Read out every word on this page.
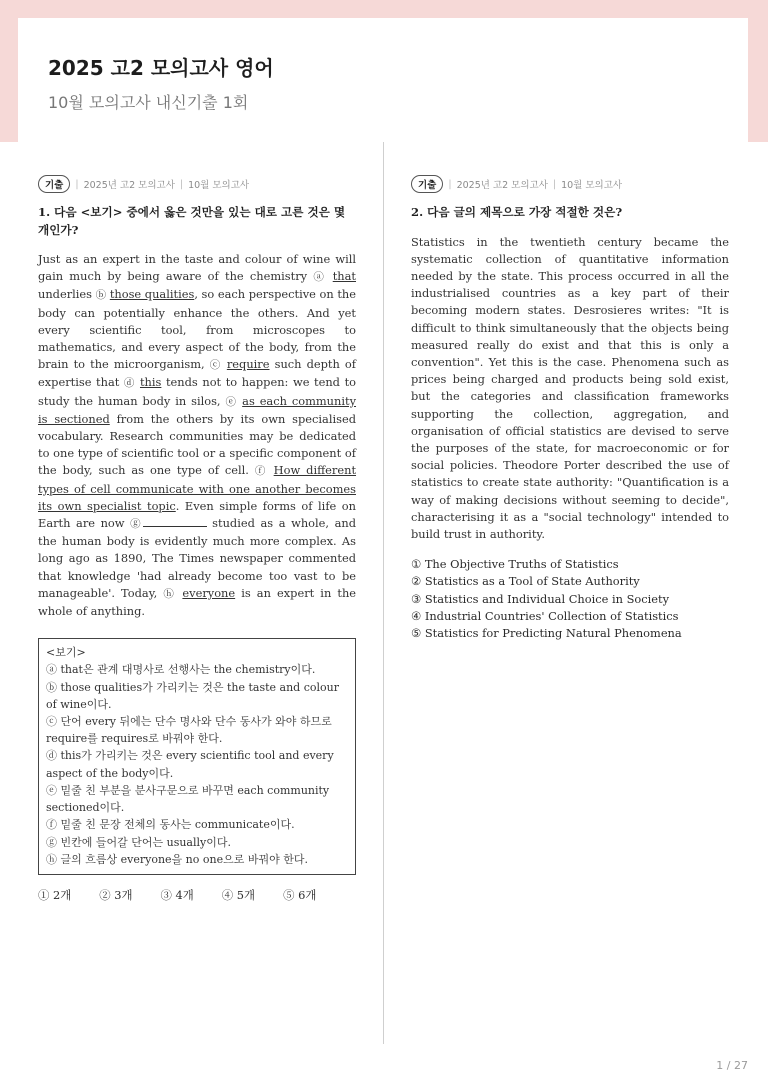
2025 고2 모의고사 영어
10월 모의고사 내신기출 1회
기출	| 2025년 고2 모의고사 | 10월 모의고사
1. 다음 <보기> 중에서 옳은 것만을 있는 대로 고른 것은 몇 개인가?
Just as an expert in the taste and colour of wine will gain much by being aware of the chemistry ⓐ that underlies ⓑ those qualities, so each perspective on the body can potentially enhance the others. And yet every scientific tool, from microscopes to mathematics, and every aspect of the body, from the brain to the microorganism, ⓒ require such depth of expertise that ⓓ this tends not to happen: we tend to study the human body in silos, ⓔ as each community is sectioned from the others by its own specialised vocabulary. Research communities may be dedicated to one type of scientific tool or a specific component of the body, such as one type of cell. ⓕ How different types of cell communicate with one another becomes its own specialist topic. Even simple forms of life on Earth are now ⓖ	studied as a whole, and the human body is evidently much more complex. As long ago as 1890, The Times newspaper commented that knowledge 'had already become too vast to be manageable'. Today, ⓗ everyone is an expert in the whole of anything.
<보기>
ⓐ that은 관계 대명사로 선행사는 the chemistry이다.
ⓑ those qualities가 가리키는 것은 the taste and colour of wine이다.
ⓒ 단어 every 뒤에는 단수 명사와 단수 동사가 와야 하므로 require를 requires로 바꿔야 한다.
ⓓ this가 가리키는 것은 every scientific tool and every aspect of the body이다.
ⓔ 밑줄 친 부분을 분사구문으로 바꾸면 each community sectioned이다.
ⓕ 밑줄 친 문장 전체의 동사는 communicate이다.
ⓖ 빈칸에 들어갈 단어는 usually이다.
ⓗ 글의 흐름상 everyone을 no one으로 바꿔야 한다.
① 2개 ② 3개 ③ 4개 ④ 5개 ⑤ 6개
기출	| 2025년 고2 모의고사 | 10월 모의고사
2. 다음 글의 제목으로 가장 적절한 것은?
Statistics in the twentieth century became the systematic collection of quantitative information needed by the state. This process occurred in all the industrialised countries as a key part of their becoming modern states. Desrosieres writes: "It is difficult to think simultaneously that the objects being measured really do exist and that this is only a convention". Yet this is the case. Phenomena such as prices being charged and products being sold exist, but the categories and classification frameworks supporting the collection, aggregation, and organisation of official statistics are devised to serve the purposes of the state, for macroeconomic or for social policies. Theodore Porter described the use of statistics to create state authority: "Quantification is a way of making decisions without seeming to decide", characterising it as a "social technology" intended to build trust in authority.
① The Objective Truths of Statistics
② Statistics as a Tool of State Authority
③ Statistics and Individual Choice in Society
④ Industrial Countries' Collection of Statistics
⑤ Statistics for Predicting Natural Phenomena
1 / 27
